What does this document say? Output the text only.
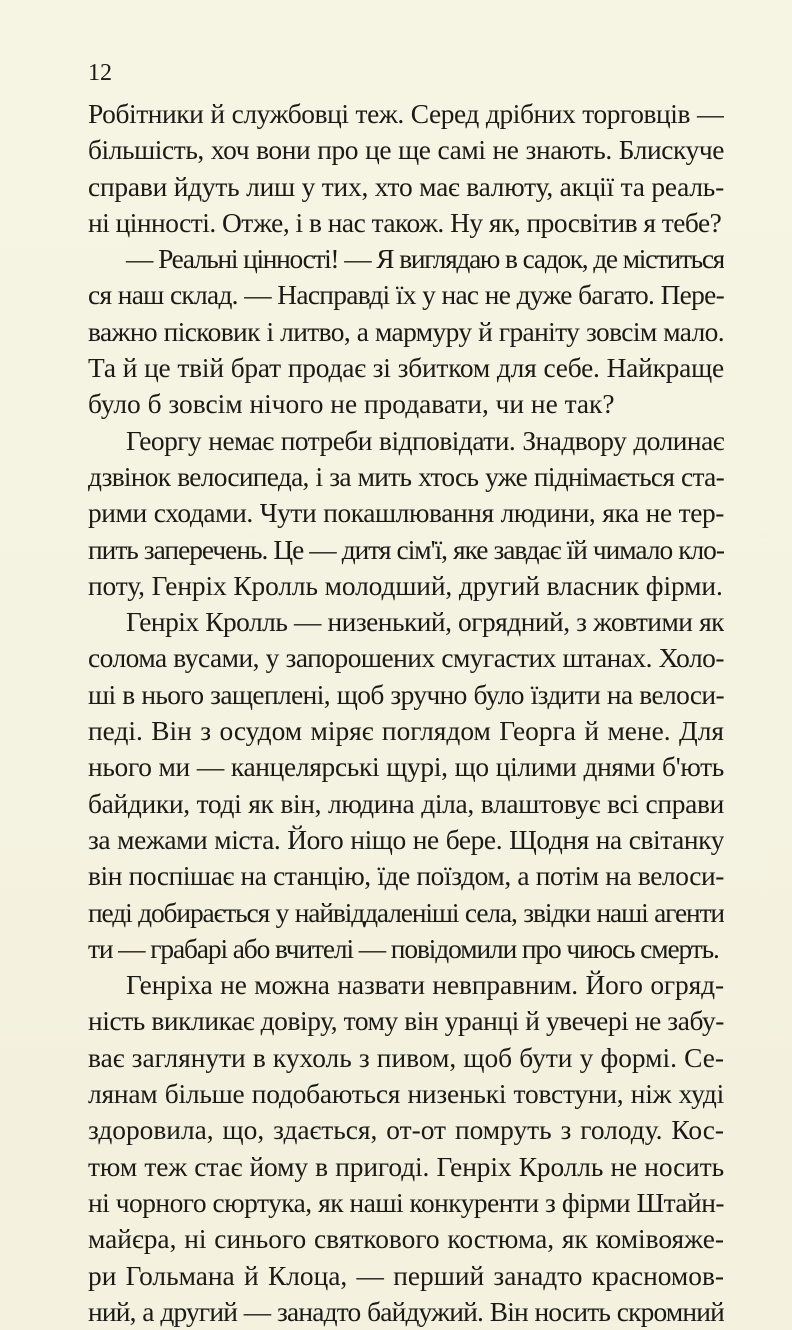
12
Робітники й службовці теж. Серед дрібних торговців —
більшість, хоч вони про це ще самі не знають. Блискуче
справи йдуть лиш у тих, хто має валюту, акції та реаль-
ні цінності. Отже, і в нас також. Ну як, просвітив я тебе?
— Реальні цінності! — Я виглядаю в садок, де міститься
ся наш склад. — Насправді їх у нас не дуже багато. Пере-
важно пісковик і литво, а мармуру й граніту зовсім мало.
Та й це твій брат продає зі збитком для себе. Найкраще
було б зовсім нічого не продавати, чи не так?
Георгу немає потреби відповідати. Знадвору долинає
дзвінок велосипеда, і за мить хтось уже піднімається ста-
рими сходами. Чути покашлювання людини, яка не тер-
пить заперечень. Це — дитя сім'ї, яке завдає їй чимало кло-
поту, Генріх Кролль молодший, другий власник фірми.
Генріх Кролль — низенький, огрядний, з жовтими як
солома вусами, у запорошених смугастих штанах. Холо-
ші в нього защеплені, щоб зручно було їздити на велоси-
педі. Він з осудом міряє поглядом Георга й мене. Для
нього ми — канцелярські щурі, що цілими днями б'ють
байдики, тоді як він, людина діла, влаштовує всі справи
за межами міста. Його ніщо не бере. Щодня на світанку
він поспішає на станцію, їде поїздом, а потім на велоси-
педі добирається у найвіддаленіші села, звідки наші агенти
ти — грабарі або вчителі — повідомили про чиюсь смерть.
Генріха не можна назвати невправним. Його огряд-
ність викликає довіру, тому він уранці й увечері не забу-
ває заглянути в кухоль з пивом, щоб бути у формі. Се-
лянам більше подобаються низенькі товстуни, ніж худі
здоровила, що, здається, от-от помруть з голоду. Кос-
тюм теж стає йому в пригоді. Генріх Кролль не носить
ні чорного сюртука, як наші конкуренти з фірми Штайн-
майєра, ні синього святкового костюма, як комівояже-
ри Гольмана й Клоца, — перший занадто красномов-
ний, а другий — занадто байдужий. Він носить скромний
